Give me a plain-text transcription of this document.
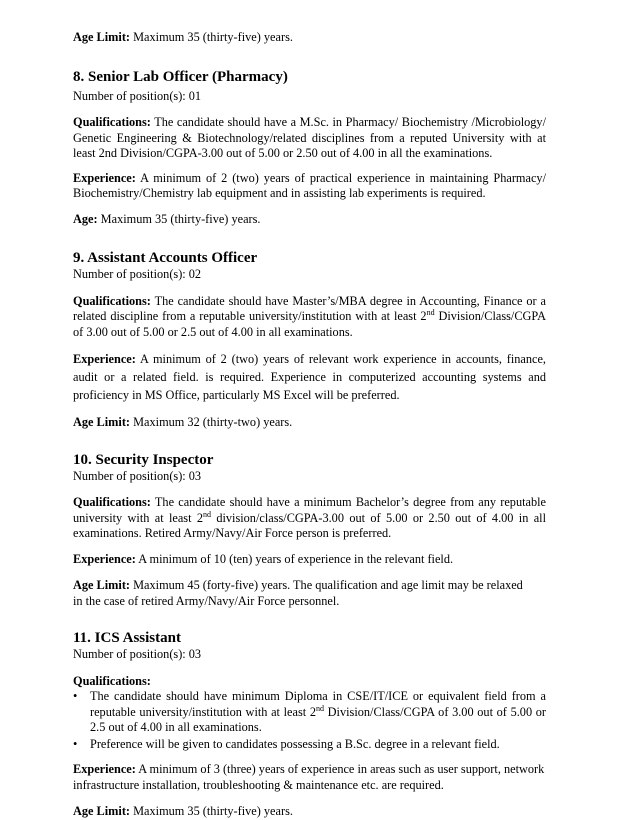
Age Limit: Maximum 35 (thirty-five) years.

8. Senior Lab Officer (Pharmacy)

Number of position(s): 01

Qualifications: The candidate should have a M.Sc. in Pharmacy/ Biochemistry /Microbiology/ Genetic Engineering & Biotechnology/related disciplines from a reputed University with at least 2nd Division/CGPA-3.00 out of 5.00 or 2.50 out of 4.00 in all the examinations.

Experience: A minimum of 2 (two) years of practical experience in maintaining Pharmacy/ Biochemistry/Chemistry lab equipment and in assisting lab experiments is required.

Age: Maximum 35 (thirty-five) years.

9. Assistant Accounts Officer

Number of position(s): 02

Qualifications: The candidate should have Master’s/MBA degree in Accounting, Finance or a related discipline from a reputable university/institution with at least 2nd Division/Class/CGPA of 3.00 out of 5.00 or 2.5 out of 4.00 in all examinations.

Experience: A minimum of 2 (two) years of relevant work experience in accounts, finance, audit or a related field. is required. Experience in computerized accounting systems and proficiency in MS Office, particularly MS Excel will be preferred.

Age Limit: Maximum 32 (thirty-two) years.

10. Security Inspector

Number of position(s): 03

Qualifications: The candidate should have a minimum Bachelor’s degree from any reputable university with at least 2nd division/class/CGPA-3.00 out of 5.00 or 2.50 out of 4.00 in all examinations. Retired Army/Navy/Air Force person is preferred.

Experience: A minimum of 10 (ten) years of experience in the relevant field.

Age Limit: Maximum 45 (forty-five) years. The qualification and age limit may be relaxed in the case of retired Army/Navy/Air Force personnel.

11. ICS Assistant

Number of position(s): 03

Qualifications:

• The candidate should have minimum Diploma in CSE/IT/ICE or equivalent field from a reputable university/institution with at least 2nd Division/Class/CGPA of 3.00 out of 5.00 or 2.5 out of 4.00 in all examinations.
• Preference will be given to candidates possessing a B.Sc. degree in a relevant field.

Experience: A minimum of 3 (three) years of experience in areas such as user support, network infrastructure installation, troubleshooting & maintenance etc. are required.

Age Limit: Maximum 35 (thirty-five) years.
